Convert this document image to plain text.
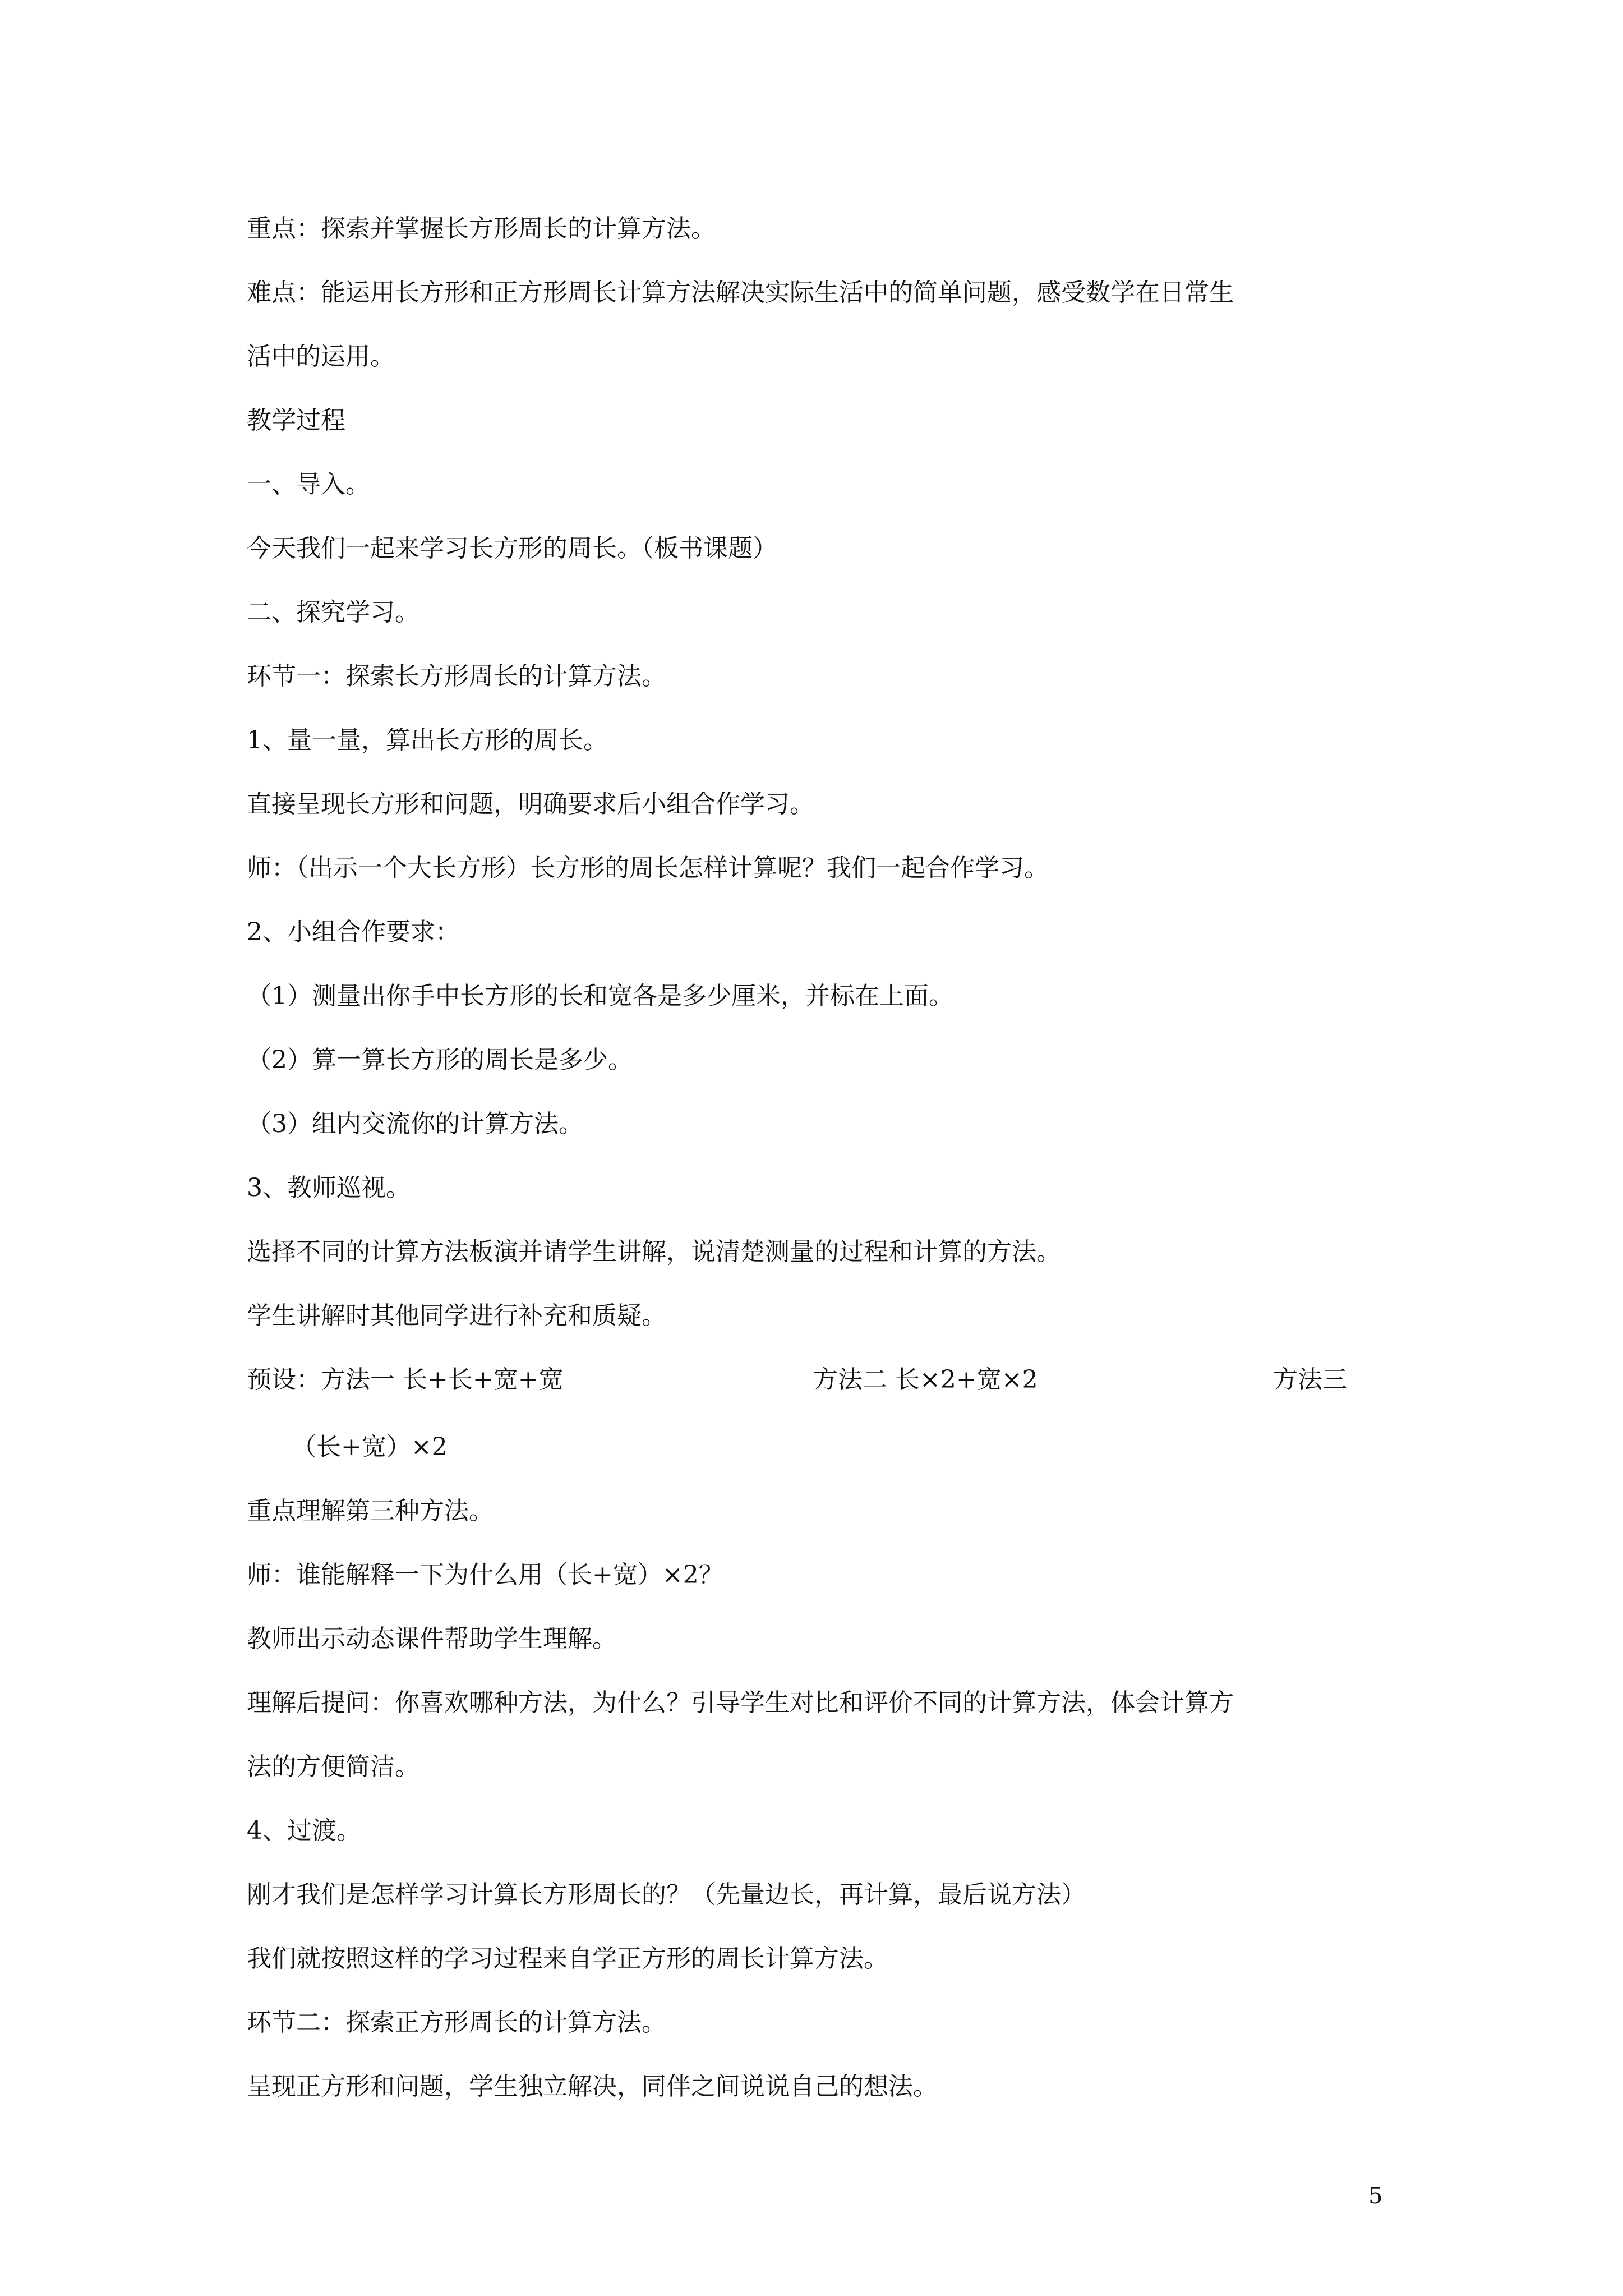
重点：探索并掌握长方形周长的计算方法。
难点：能运用长方形和正方形周长计算方法解决实际生活中的简单问题，感受数学在日常生
活中的运用。
教学过程
一、导入。
今天我们一起来学习长方形的周长。（板书课题）
二、探究学习。
环节一：探索长方形周长的计算方法。
1、量一量，算出长方形的周长。
直接呈现长方形和问题，明确要求后小组合作学习。
师：（出示一个大长方形）长方形的周长怎样计算呢？我们一起合作学习。
2、小组合作要求：
（1）测量出你手中长方形的长和宽各是多少厘米，并标在上面。
（2）算一算长方形的周长是多少。
（3）组内交流你的计算方法。
3、教师巡视。
选择不同的计算方法板演并请学生讲解，说清楚测量的过程和计算的方法。
学生讲解时其他同学进行补充和质疑。
预设：方法一 长+长+宽+宽	方法二 长×2+宽×2	方法三
（长+宽）×2
重点理解第三种方法。
师：谁能解释一下为什么用（长+宽）×2？
教师出示动态课件帮助学生理解。
理解后提问：你喜欢哪种方法，为什么？引导学生对比和评价不同的计算方法，体会计算方
法的方便简洁。
4、过渡。
刚才我们是怎样学习计算长方形周长的？（先量边长，再计算，最后说方法）
我们就按照这样的学习过程来自学正方形的周长计算方法。
环节二：探索正方形周长的计算方法。
呈现正方形和问题，学生独立解决，同伴之间说说自己的想法。
5
